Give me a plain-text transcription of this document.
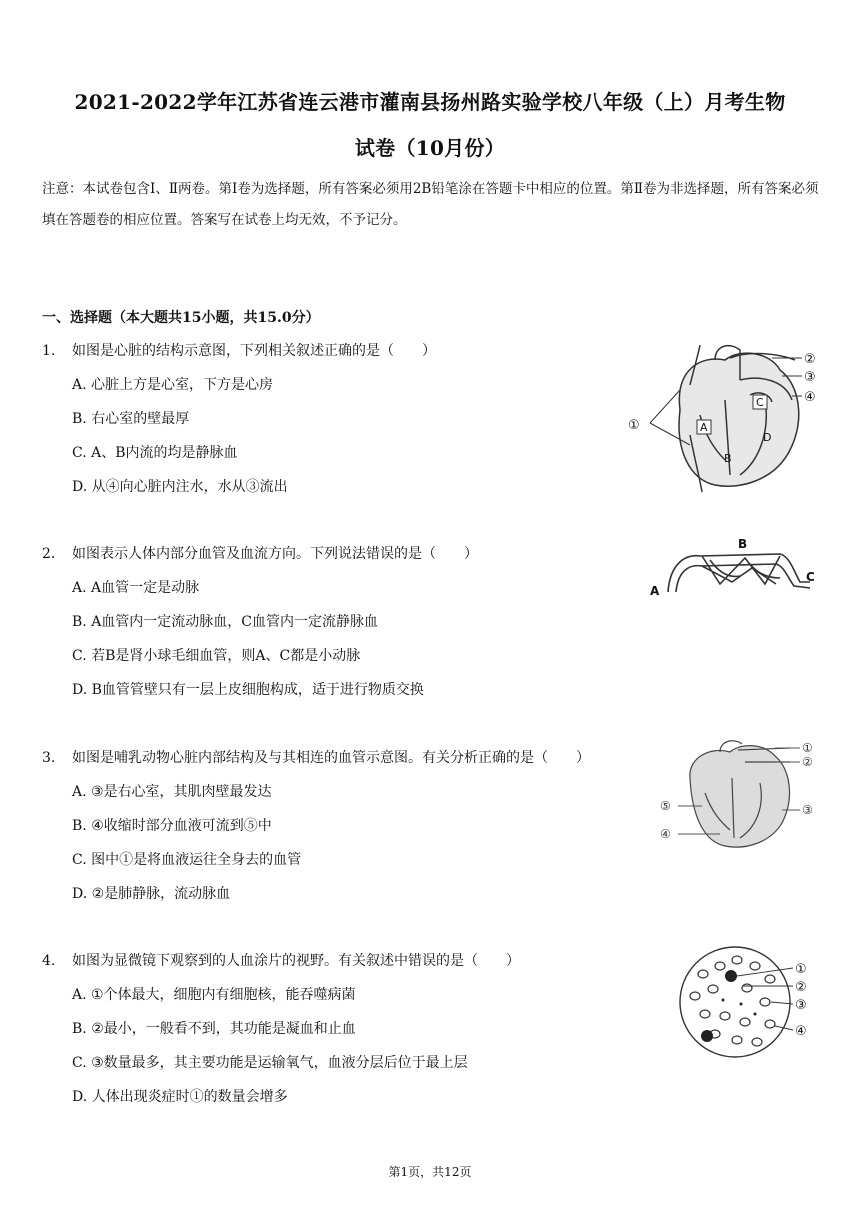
2021-2022学年江苏省连云港市灌南县扬州路实验学校八年级（上）月考生物
试卷（10月份）
注意：本试卷包含Ⅰ、Ⅱ两卷。第Ⅰ卷为选择题，所有答案必须用2B铅笔涂在答题卡中相应的位置。第Ⅱ卷为非选择题，所有答案必须填在答题卷的相应位置。答案写在试卷上均无效，不予记分。
一、选择题（本大题共15小题，共15.0分）
1. 如图是心脏的结构示意图，下列相关叙述正确的是（　　）
A. 心脏上方是心室，下方是心房
B. 右心室的壁最厚
C. A、B内流的均是静脉血
D. 从④向心脏内注水，水从③流出
2. 如图表示人体内部分血管及血流方向。下列说法错误的是（　　）
A. A血管一定是动脉
B. A血管内一定流动脉血，C血管内一定流静脉血
C. 若B是肾小球毛细血管，则A、C都是小动脉
D. B血管管壁只有一层上皮细胞构成，适于进行物质交换
3. 如图是哺乳动物心脏内部结构及与其相连的血管示意图。有关分析正确的是（　　）
A. ③是右心室，其肌肉壁最发达
B. ④收缩时部分血液可流到⑤中
C. 图中①是将血液运往全身去的血管
D. ②是肺静脉，流动脉血
4. 如图为显微镜下观察到的人血涂片的视野。有关叙述中错误的是（　　）
A. ①个体最大，细胞内有细胞核，能吞噬病菌
B. ②最小，一般看不到，其功能是凝血和止血
C. ③数量最多，其主要功能是运输氧气，血液分层后位于最上层
D. 人体出现炎症时①的数量会增多
A
B
C
D
①
②
③
④
A
B
C
①
②
③
④
⑤
①
②
③
④
第1页，共12页
